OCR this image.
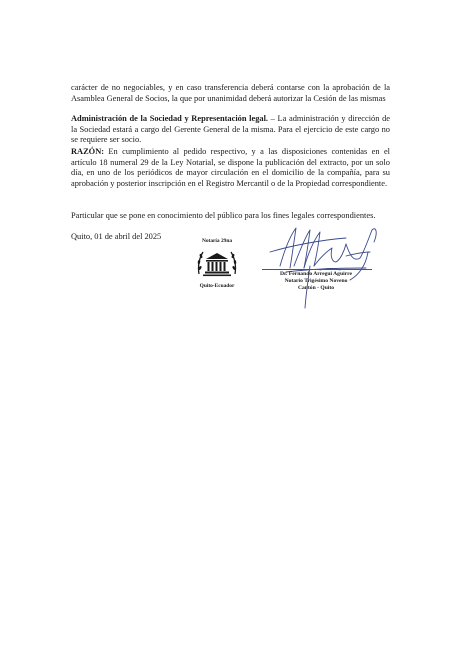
carácter de no negociables, y en caso transferencia deberá contarse con la aprobación de la Asamblea General de Socios, la que por unanimidad deberá autorizar la Cesión de las mismas

Administración de la Sociedad y Representación legal. – La administración y dirección de la Sociedad estará a cargo del Gerente General de la misma. Para el ejercicio de este cargo no se requiere ser socio.

RAZÓN: En cumplimiento al pedido respectivo, y a las disposiciones contenidas en el artículo 18 numeral 29 de la Ley Notarial, se dispone la publicación del extracto, por un solo día, en uno de los periódicos de mayor circulación en el domicilio de la compañía, para su aprobación y posterior inscripción en el Registro Mercantil o de la Propiedad correspondiente.

Particular que se pone en conocimiento del público para los fines legales correspondientes.

Quito, 01 de abril del 2025	Notaría 29na
Quito-Ecuador
Dr. Fernando Arregui Aguirre
Notario Trigésimo Noveno
Cantón - Quito
